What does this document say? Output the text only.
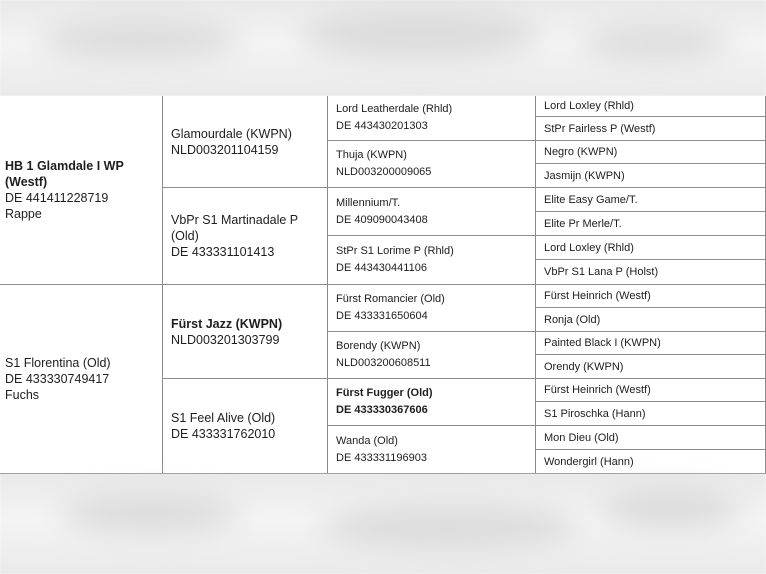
HB 1 Glamdale I WP (Westf)
DE 441411228719
Rappe
S1 Florentina (Old)
DE 433330749417
Fuchs
Glamourdale (KWPN)
NLD003201104159
VbPr S1 Martinadale P (Old)
DE 433331101413
Fürst Jazz (KWPN)
NLD003201303799
S1 Feel Alive (Old)
DE 433331762010
Lord Leatherdale (Rhld)
DE 443430201303
Thuja (KWPN)
NLD003200009065
Millennium/T.
DE 409090043408
StPr S1 Lorime P (Rhld)
DE 443430441106
Fürst Romancier (Old)
DE 433331650604
Borendy (KWPN)
NLD003200608511
Fürst Fugger (Old)
DE 433330367606
Wanda (Old)
DE 433331196903
Lord Loxley (Rhld)
StPr Fairless P (Westf)
Negro (KWPN)
Jasmijn (KWPN)
Elite Easy Game/T.
Elite Pr Merle/T.
Lord Loxley (Rhld)
VbPr S1 Lana P (Holst)
Fürst Heinrich (Westf)
Ronja (Old)
Painted Black I (KWPN)
Orendy (KWPN)
Fürst Heinrich (Westf)
S1 Piroschka (Hann)
Mon Dieu (Old)
Wondergirl (Hann)
